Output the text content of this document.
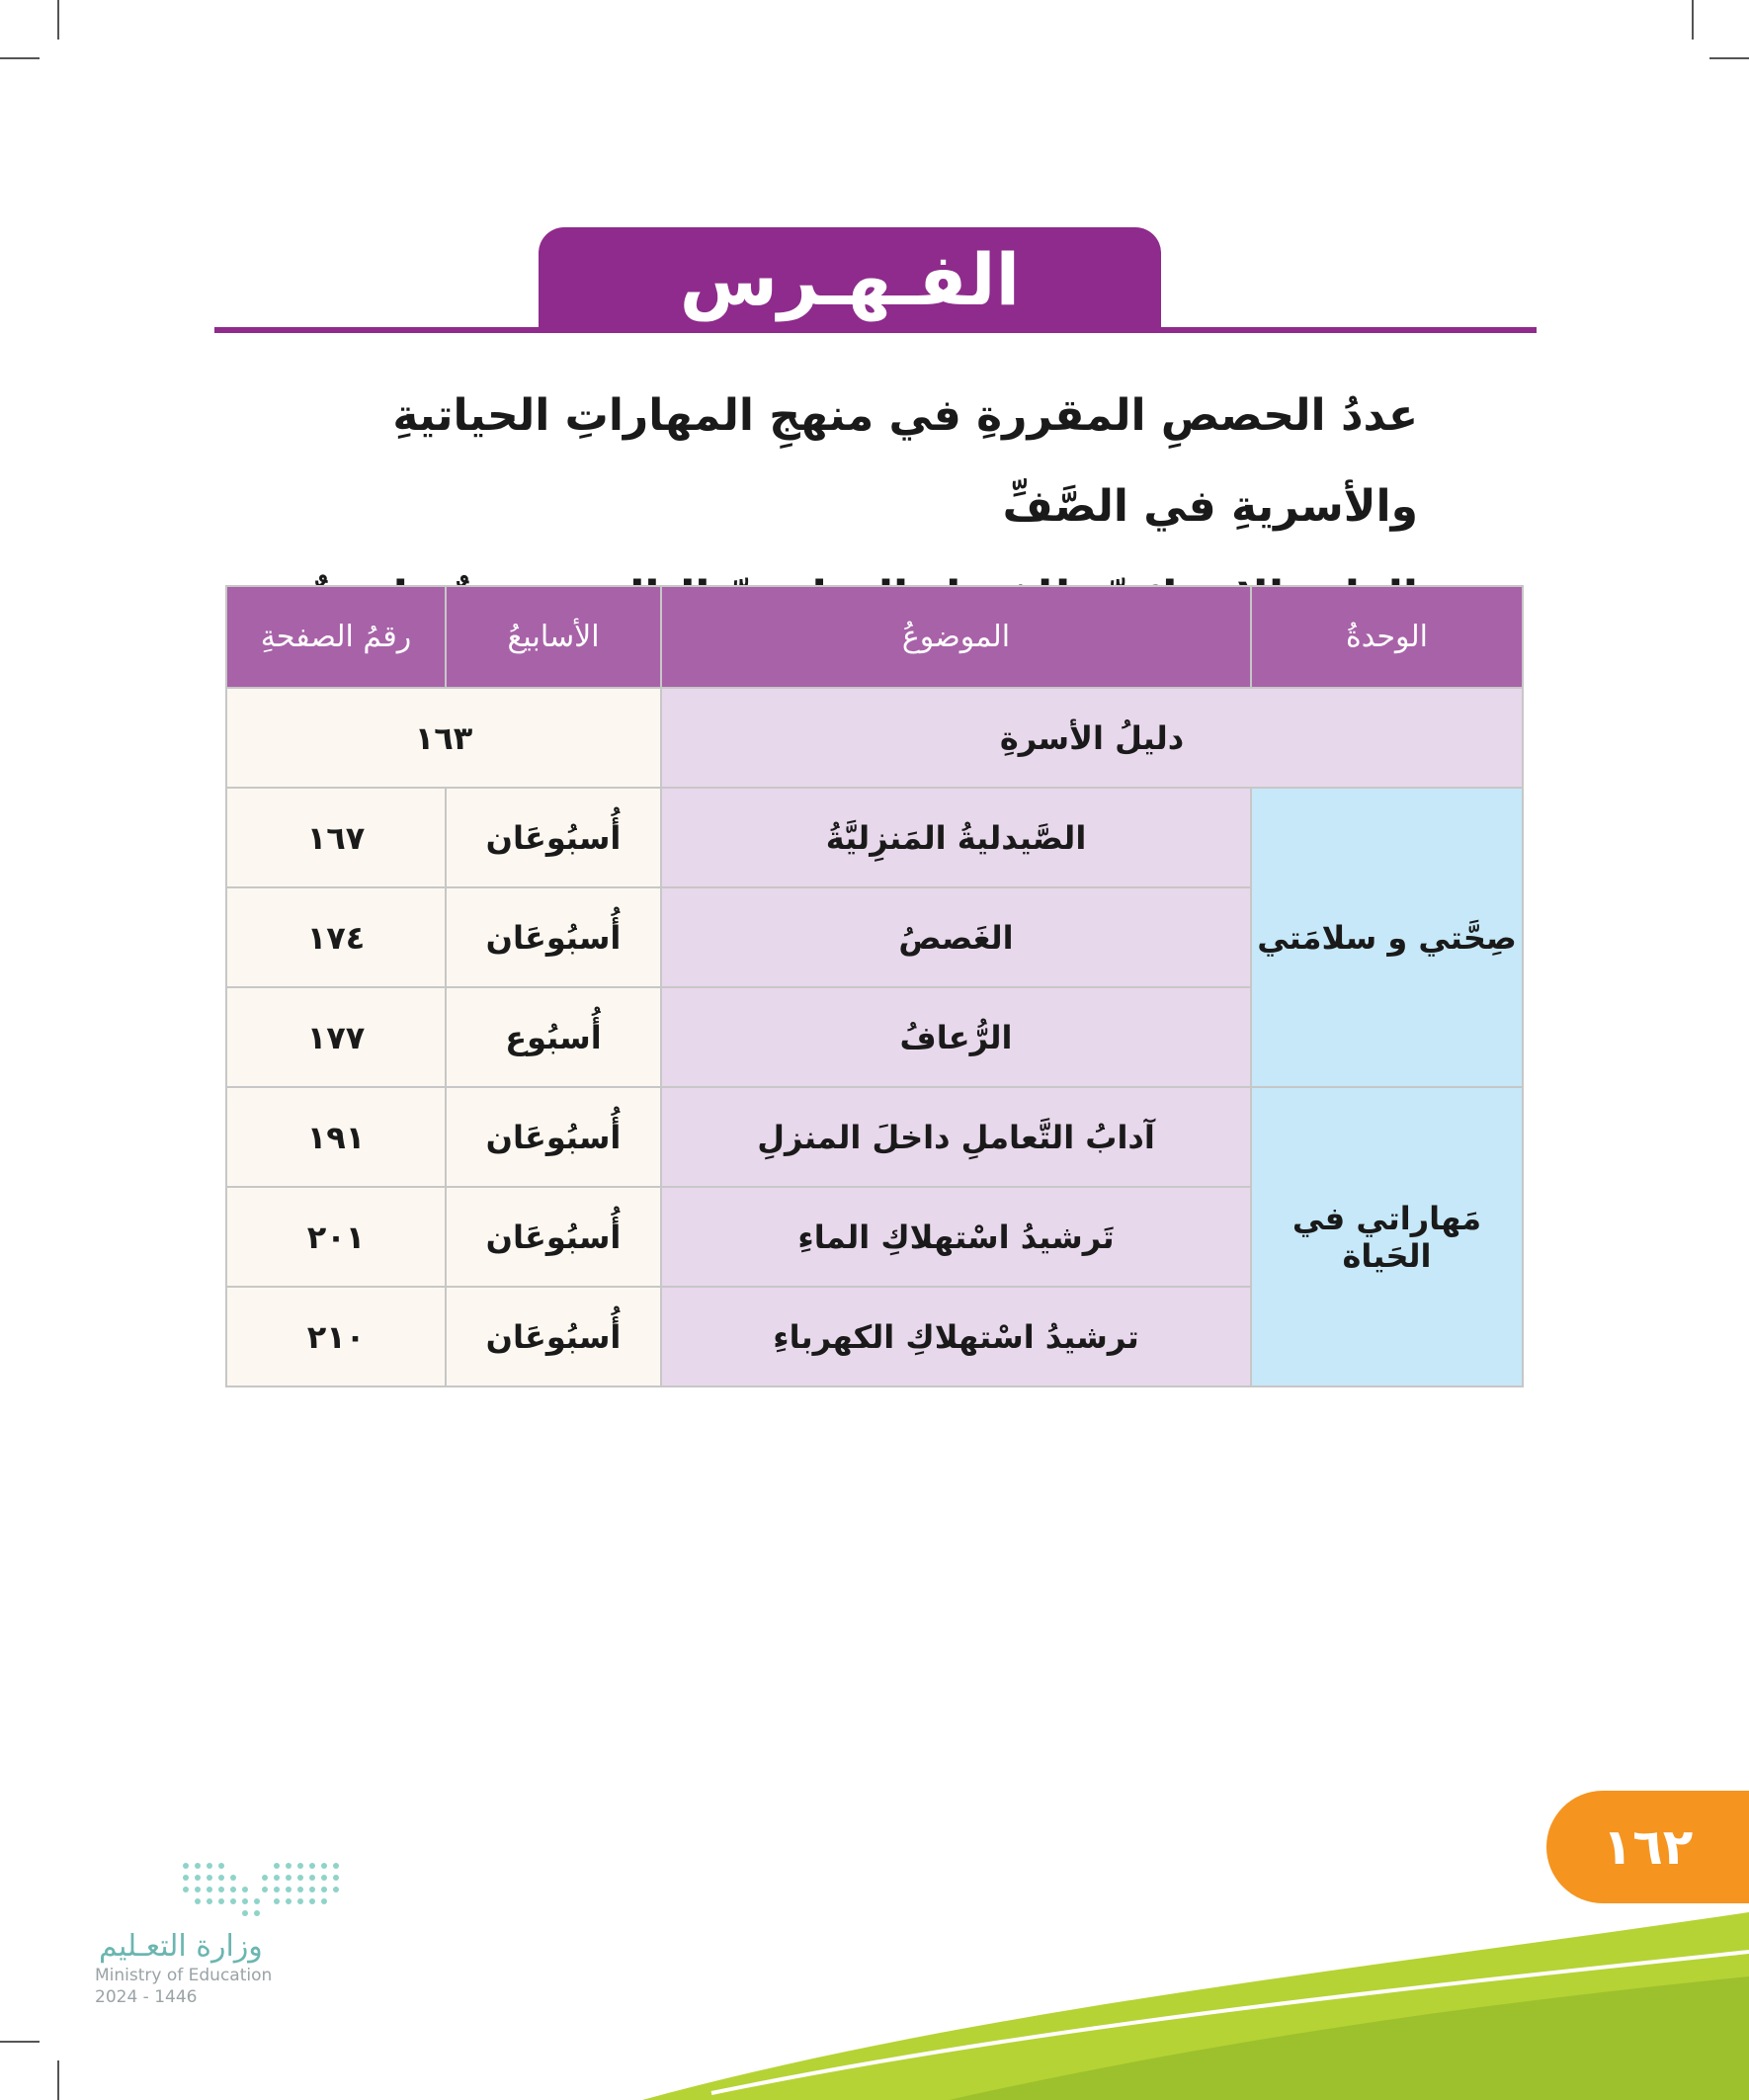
الفـهـرس
عددُ الحصصِ المقررةِ في منهجِ المهاراتِ الحياتيةِ والأسريةِ في الصَّفِّ
الوحدةُ	الموضوعُ	الأسابيعُ	رقمُ الصفحةِ
دليلُ الأسرةِ		١٦٣	
صِحَّتي و سلامَتي	الصَّيدليةُ المَنزِليَّةُ	أُسبُوعَان	١٦٧
	الغَصصُ	أُسبُوعَان	١٧٤
	الرُّعافُ	أُسبُوع	١٧٧
مَهاراتي في الحَياة	آدابُ التَّعاملِ داخلَ المنزلِ	أُسبُوعَان	١٩١
	تَرشيدُ اسْتهلاكِ الماءِ	أُسبُوعَان	٢٠١
	ترشيدُ اسْتهلاكِ الكهرباءِ	أُسبُوعَان	٢١٠
١٦٢
وزارة التعـليم
Ministry of Education
2024 - 1446
